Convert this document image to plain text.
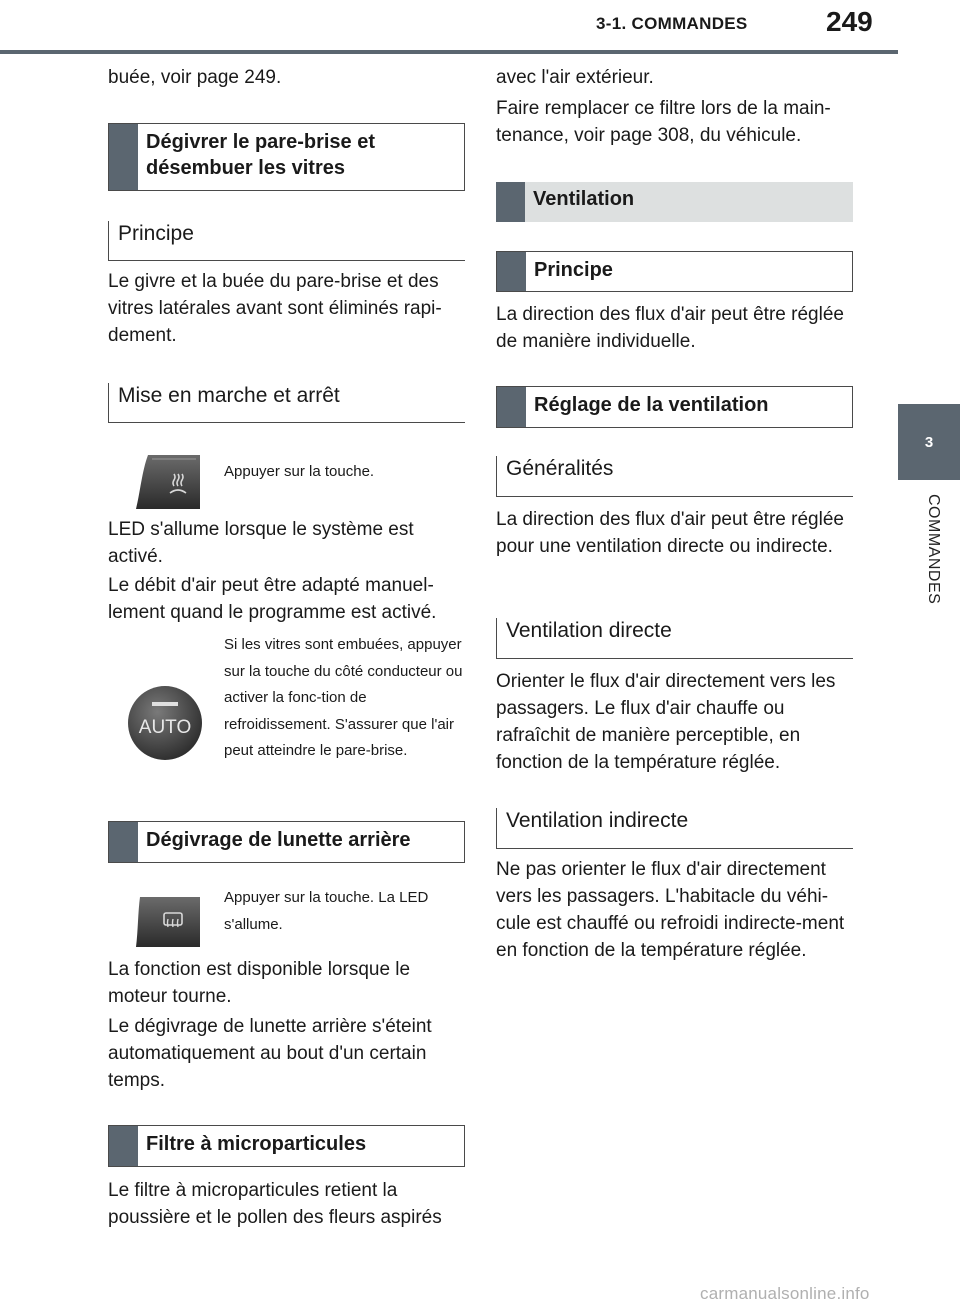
3-1. COMMANDES	249
3
COMMANDES
buée, voir page 249.
Dégivrer le pare-brise et désembuer les vitres
Principe
Le givre et la buée du pare-brise et des vitres latérales avant sont éliminés rapi-dement.
Mise en marche et arrêt
Appuyer sur la touche.
LED s'allume lorsque le système est activé.
Le débit d'air peut être adapté manuel-lement quand le programme est activé.
AUTO
Si les vitres sont embuées, appuyer sur la touche du côté conducteur ou activer la fonc-tion de refroidissement. S'assurer que l'air peut atteindre le pare-brise.
Dégivrage de lunette arrière
Appuyer sur la touche. La LED s'allume.
La fonction est disponible lorsque le moteur tourne.
Le dégivrage de lunette arrière s'éteint automatiquement au bout d'un certain temps.
Filtre à microparticules
Le filtre à microparticules retient la poussière et le pollen des fleurs aspirés
avec l'air extérieur.
Faire remplacer ce filtre lors de la main-tenance, voir page 308, du véhicule.
Ventilation
Principe
La direction des flux d'air peut être réglée de manière individuelle.
Réglage de la ventilation
Généralités
La direction des flux d'air peut être réglée pour une ventilation directe ou indirecte.
Ventilation directe
Orienter le flux d'air directement vers les passagers. Le flux d'air chauffe ou rafraîchit de manière perceptible, en fonction de la température réglée.
Ventilation indirecte
Ne pas orienter le flux d'air directement vers les passagers. L'habitacle du véhi-cule est chauffé ou refroidi indirecte-ment en fonction de la température réglée.
carmanualsonline.info
